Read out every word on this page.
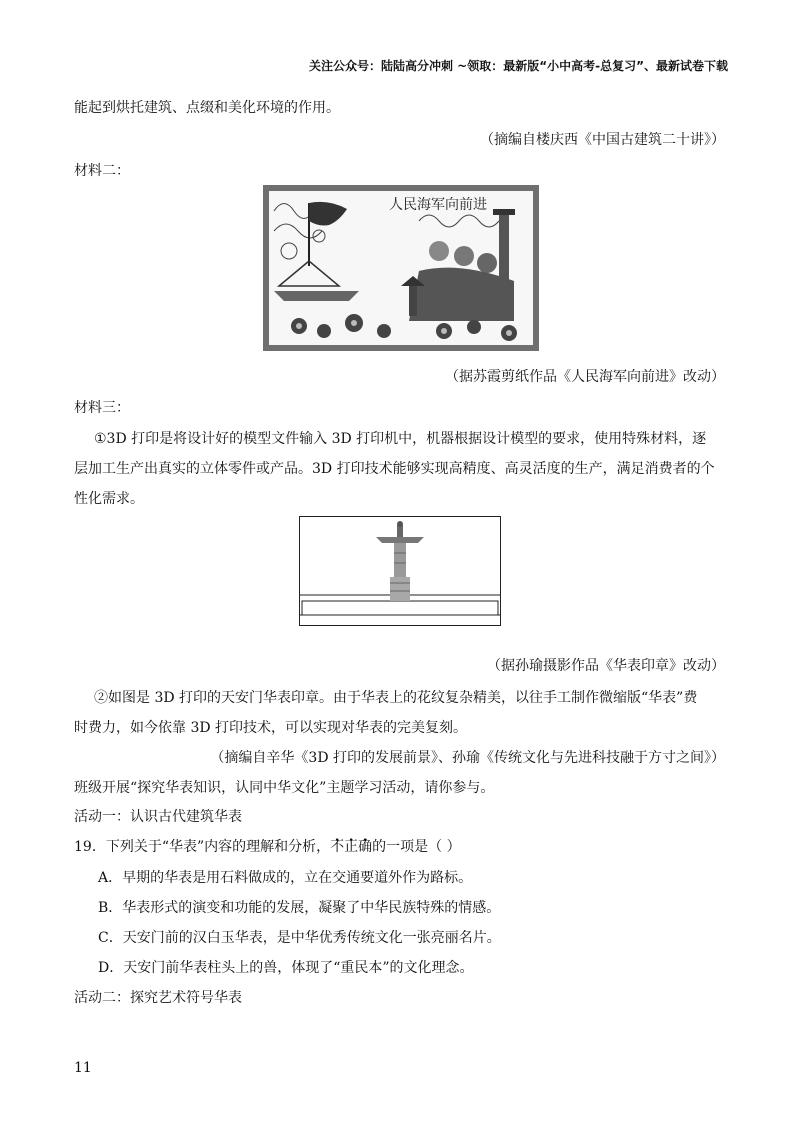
关注公众号：陆陆高分冲刺 ~领取：最新版“小中高考-总复习”、最新试卷下载
能起到烘托建筑、点缀和美化环境的作用。
（摘编自楼庆西《中国古建筑二十讲》）
材料二：
人民海军向前进
（据苏霞剪纸作品《人民海军向前进》改动）
材料三：
①3D 打印是将设计好的模型文件输入 3D 打印机中，机器根据设计模型的要求，使用特殊材料，逐
层加工生产出真实的立体零件或产品。3D 打印技术能够实现高精度、高灵活度的生产，满足消费者的个
性化需求。
（据孙瑜摄影作品《华表印章》改动）
②如图是 3D 打印的天安门华表印章。由于华表上的花纹复杂精美，以往手工制作微缩版“华表”费
时费力，如今依靠 3D 打印技术，可以实现对华表的完美复刻。
（摘编自辛华《3D 打印的发展前景》、孙瑜《传统文化与先进科技融于方寸之间》）
班级开展“探究华表知识，认同中华文化”主题学习活动，请你参与。
活动一：认识古代建筑华表
19．下列关于“华表”内容的理解和分析，不正确的一项是（ ）
A．早期的华表是用石料做成的，立在交通要道外作为路标。
B．华表形式的演变和功能的发展，凝聚了中华民族特殊的情感。
C．天安门前的汉白玉华表，是中华优秀传统文化一张亮丽名片。
D．天安门前华表柱头上的兽，体现了“重民本”的文化理念。
活动二：探究艺术符号华表
11
